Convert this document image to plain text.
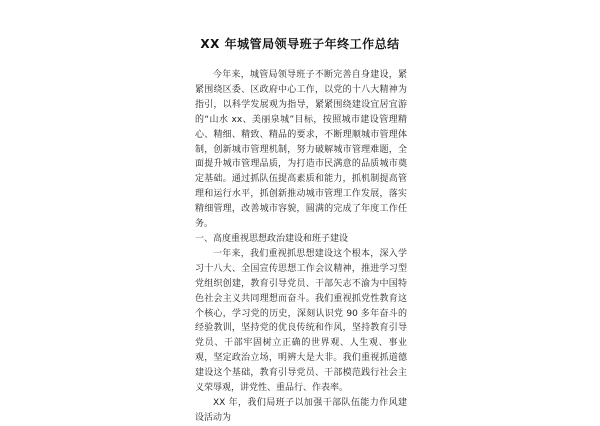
XX 年城管局领导班子年终工作总结

今年来，城管局领导班子不断完善自身建设，紧紧围绕区委、区政府中心工作，以党的十八大精神为指引，以科学发展观为指导，紧紧围绕建设宜居宜游的“山水 xx、美丽泉城”目标，按照城市建设管理精心、精细、精致、精品的要求，不断理顺城市管理体制，创新城市管理机制，努力破解城市管理难题，全面提升城市管理品质，为打造市民满意的品质城市奠定基础。通过抓队伍提高素质和能力，抓机制提高管理和运行水平，抓创新推动城市管理工作发展，落实精细管理，改善城市容貌，圆满的完成了年度工作任务。

一、高度重视思想政治建设和班子建设

一年来，我们重视抓思想建设这个根本，深入学习十八大、全国宣传思想工作会议精神，推进学习型党组织创建，教育引导党员、干部矢志不渝为中国特色社会主义共同理想而奋斗。我们重视抓党性教育这个核心，学习党的历史，深刻认识党 90 多年奋斗的经验教训，坚持党的优良传统和作风，坚持教育引导党员、干部牢固树立正确的世界观、人生观、事业观，坚定政治立场，明辨大是大非。我们重视抓道德建设这个基础，教育引导党员、干部模范践行社会主义荣辱观，讲党性、重品行、作表率。

XX 年，我们局班子以加强干部队伍能力作风建设活动为
